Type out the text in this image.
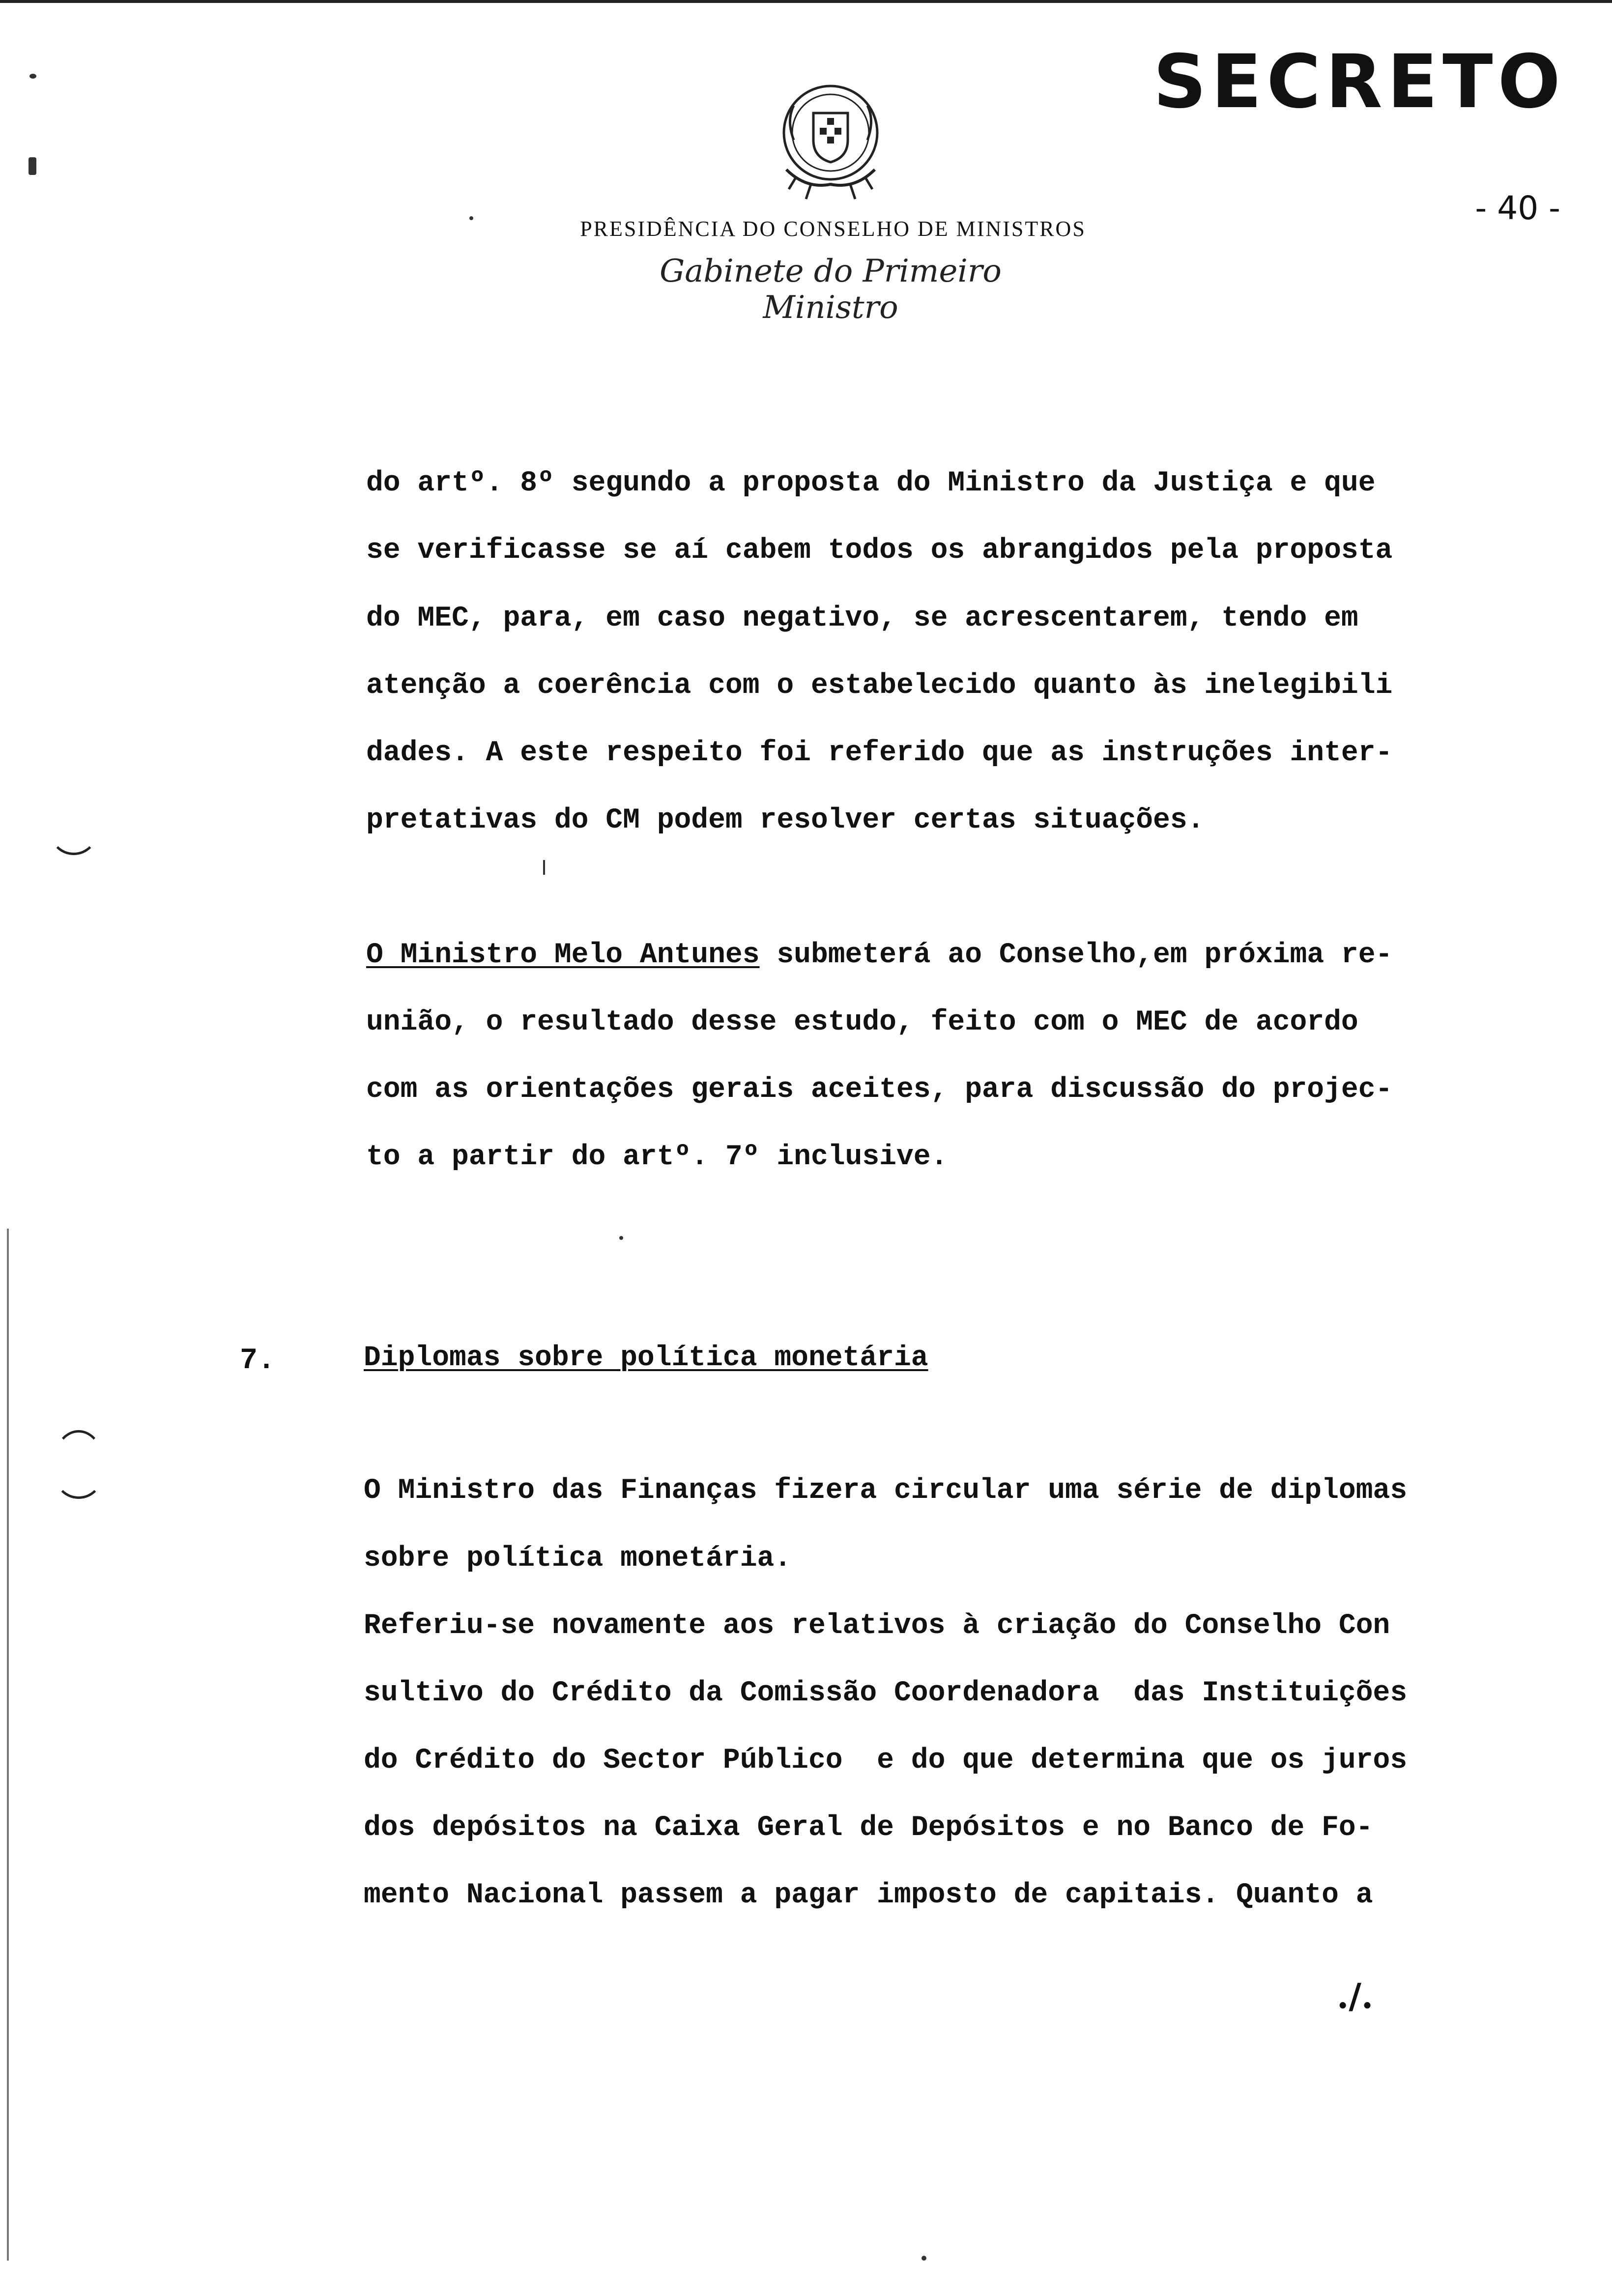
SECRETO
- 40 -
PRESIDÊNCIA DO CONSELHO DE MINISTROS
Gabinete do Primeiro Ministro
do artº. 8º segundo a proposta do Ministro da Justiça e que
se verificasse se aí cabem todos os abrangidos pela proposta
do MEC, para, em caso negativo, se acrescentarem, tendo em
atenção a coerência com o estabelecido quanto às inelegibili
dades. A este respeito foi referido que as instruções inter-
pretativas do CM podem resolver certas situações.
O Ministro Melo Antunes submeterá ao Conselho,em próxima re-
união, o resultado desse estudo, feito com o MEC de acordo
com as orientações gerais aceites, para discussão do projec-
to a partir do artº. 7º inclusive.
7.	Diplomas sobre política monetária
O Ministro das Finanças fizera circular uma série de diplomas
sobre política monetária.
Referiu-se novamente aos relativos à criação do Conselho Con
sultivo do Crédito da Comissão Coordenadora  das Instituições
do Crédito do Sector Público  e do que determina que os juros
dos depósitos na Caixa Geral de Depósitos e no Banco de Fo-
mento Nacional passem a pagar imposto de capitais. Quanto a
./.
